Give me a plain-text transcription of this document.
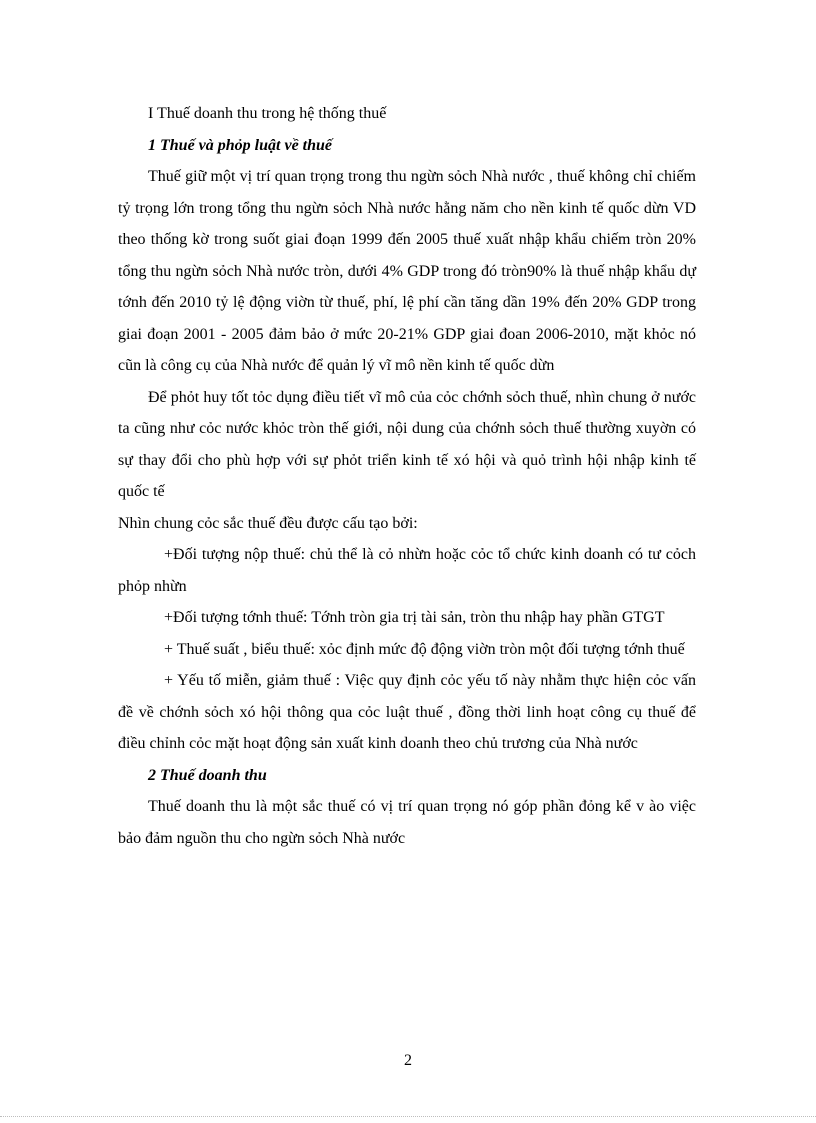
I Thuế doanh thu trong hệ thống thuế

1 Thuế và phỏp luật về thuế

Thuế giữ một vị trí quan trọng trong thu ngừn sỏch Nhà nước , thuế không chỉ chiếm tỷ trọng lớn trong tổng thu ngừn sỏch Nhà nước hằng năm cho nền kinh tế quốc dừn VD theo thống kờ trong suốt giai đoạn 1999 đến 2005 thuế xuất nhập khẩu chiếm tròn 20% tổng thu ngừn sỏch Nhà nước tròn, dưới 4% GDP trong đó tròn90% là thuế nhập khẩu dự tớnh đến 2010 tỷ lệ động viờn từ thuế, phí, lệ phí cần tăng dần 19% đến 20% GDP trong giai đoạn 2001 - 2005 đảm bảo ở mức 20-21% GDP giai đoan 2006-2010, mặt khỏc nó cũn là công cụ của Nhà nước để quản lý vĩ mô nền kinh tế quốc dừn

Để phỏt huy tốt tỏc dụng điều tiết vĩ mô của cỏc chớnh sỏch thuế, nhìn chung ở nước ta cũng như cỏc nước khỏc tròn thế giới, nội dung của chớnh sỏch thuế thường xuyờn có sự thay đổi cho phù hợp với sự phỏt triển kinh tế xó hội và quỏ trình hội nhập kinh tế quốc tế

Nhìn chung cỏc sắc thuế đều được cấu tạo bởi:

+Đối tượng nộp thuế: chủ thể là cỏ nhừn hoặc cỏc tổ chức kinh doanh có tư cỏch phỏp nhừn

+Đối tượng tớnh thuế: Tớnh tròn gia trị tài sản, tròn thu nhập hay phần GTGT

+ Thuế suất , biểu thuế: xỏc định mức độ động viờn tròn một đối tượng tớnh thuế

+ Yếu tố miễn, giảm thuế : Việc quy định cỏc yếu tố này nhằm thực hiện cỏc vấn đề về chớnh sỏch xó hội thông qua cỏc luật thuế , đồng thời linh hoạt công cụ thuế để điều chỉnh cỏc mặt hoạt động sản xuất kinh doanh theo chủ trương của Nhà nước

2 Thuế doanh thu

Thuế doanh thu là một sắc thuế có vị trí quan trọng nó góp phần đỏng kể v ào việc bảo đảm nguồn thu cho ngừn sỏch Nhà nước

2
